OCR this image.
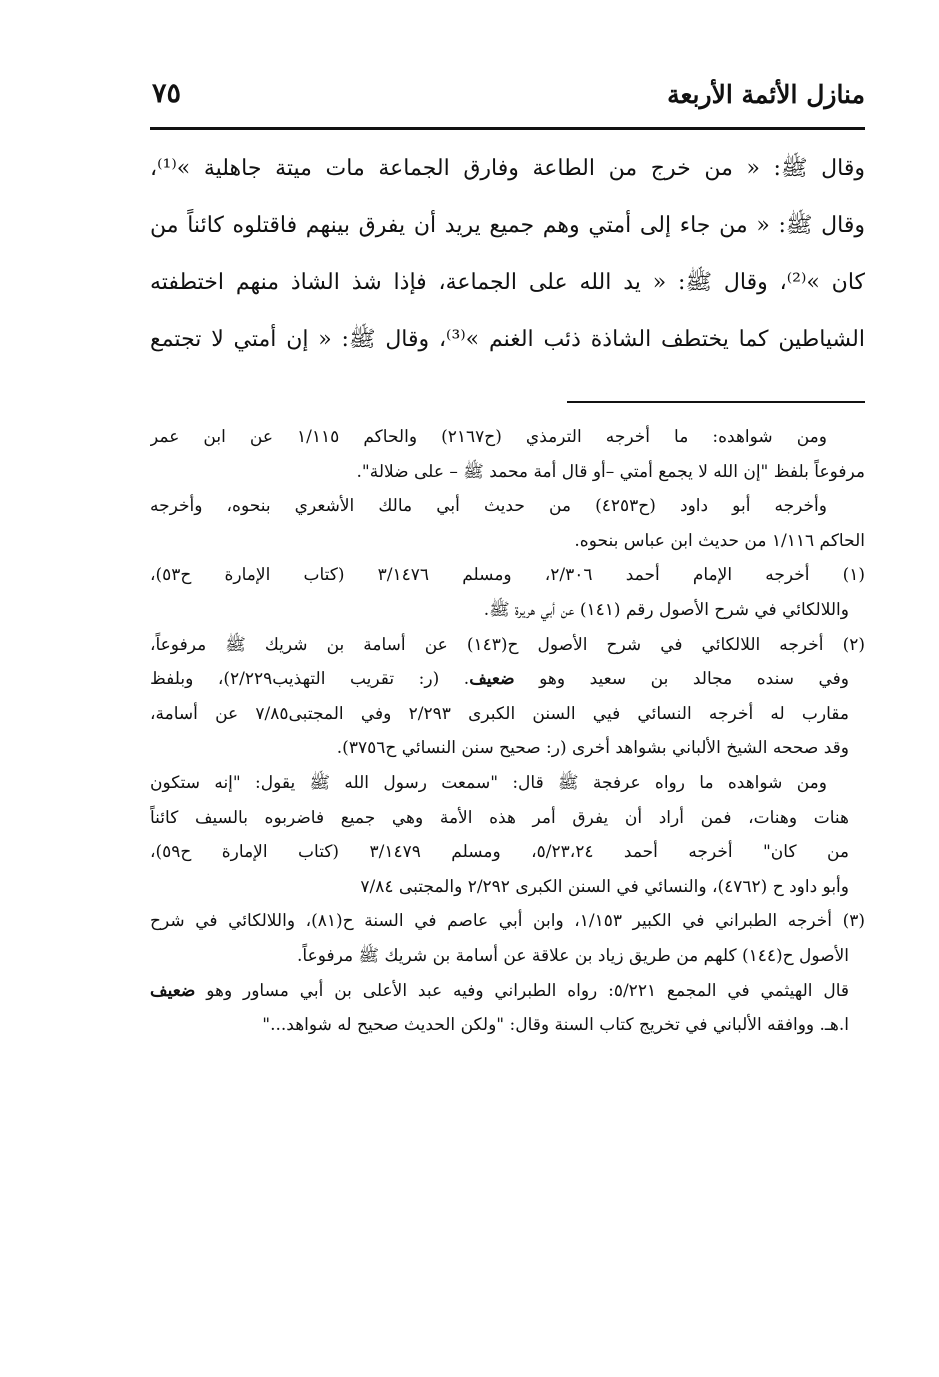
منازل الأئمة الأربعة
٧٥
وقال ﷺ: « من خرج من الطاعة وفارق الجماعة مات ميتة جاهلية »⁽¹⁾،
وقال ﷺ: « من جاء إلى أمتي وهم جميع يريد أن يفرق بينهم فاقتلوه كائناً من
كان »⁽²⁾، وقال ﷺ: « يد الله على الجماعة، فإذا شذ الشاذ منهم اختطفته
الشياطين كما يختطف الشاذة ذئب الغنم »⁽³⁾، وقال ﷺ: « إن أمتي لا تجتمع
ومن شواهده: ما أخرجه الترمذي (ح٢١٦٧) والحاكم ١/١١٥ عن ابن عمر
مرفوعاً بلفظ "إن الله لا يجمع أمتي –أو قال أمة محمد ﷺ – على ضلالة".
وأخرجه أبو داود (ح٤٢٥٣) من حديث أبي مالك الأشعري بنحوه، وأخرجه
الحاكم ١/١١٦ من حديث ابن عباس بنحوه.
(١) أخرجه الإمام أحمد ٢/٣٠٦، ومسلم ٣/١٤٧٦ (كتاب الإمارة ح٥٣)،
واللالكائي في شرح الأصول رقم (١٤١) عن أبي هريرة ﷺ.
(٢) أخرجه اللالكائي في شرح الأصول ح(١٤٣) عن أسامة بن شريك ﷺ مرفوعاً،
وفي سنده مجالد بن سعيد وهو ضعيف. (ر: تقريب التهذيب٢/٢٢٩)، وبلفظ
مقارب له أخرجه النسائي فيي السنن الكبرى ٢/٢٩٣ وفي المجتبى٧/٨٥ عن أسامة،
وقد صححه الشيخ الألباني بشواهد أخرى (ر: صحيح سنن النسائي ح٣٧٥٦).
ومن شواهده ما رواه عرفجة ﷺ قال: "سمعت رسول الله ﷺ يقول: "إنه ستكون
هنات وهنات، فمن أراد أن يفرق أمر هذه الأمة وهي جميع فاضربوه بالسيف كائناً
من كان" أخرجه أحمد ٥/٢٣،٢٤، ومسلم ٣/١٤٧٩ (كتاب الإمارة ح٥٩)،
وأبو داود ح (٤٧٦٢)، والنسائي في السنن الكبرى ٢/٢٩٢ والمجتبى ٧/٨٤
(٣) أخرجه الطبراني في الكبير ١/١٥٣، وابن أبي عاصم في السنة ح(٨١)، واللالكائي في شرح
الأصول ح(١٤٤) كلهم من طريق زياد بن علاقة عن أسامة بن شريك ﷺ مرفوعاً.
قال الهيثمي في المجمع ٥/٢٢١: رواه الطبراني وفيه عبد الأعلى بن أبي مساور وهو ضعيف
ا.هـ. ووافقه الألباني في تخريج كتاب السنة وقال: "ولكن الحديث صحيح له شواهد..."
